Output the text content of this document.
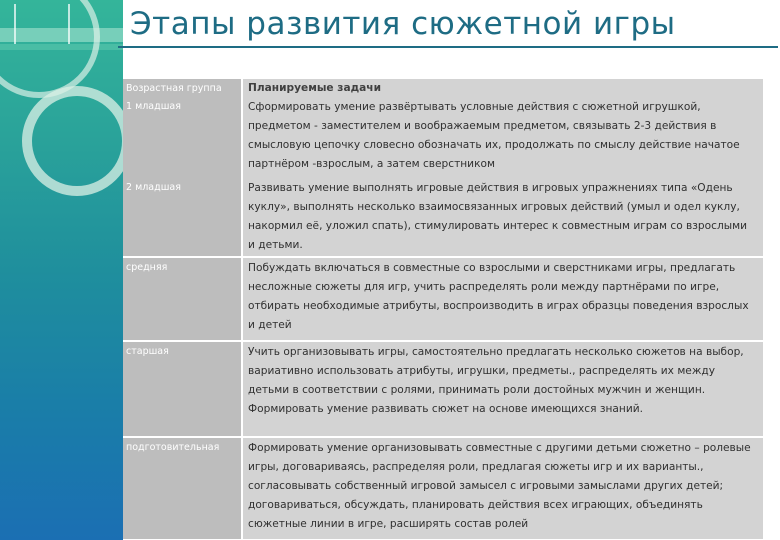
Этапы развития сюжетной игры
Возрастная группа	Планируемые задачи
1 младшая	Сформировать умение развёртывать условные действия с сюжетной игрушкой, предметом - заместителем и воображаемым предметом, связывать 2-3 действия в смысловую цепочку словесно обозначать их, продолжать по смыслу действие начатое партнёром -взрослым, а затем сверстником
2 младшая	Развивать умение выполнять игровые действия в игровых упражнениях типа «Одень куклу», выполнять несколько взаимосвязанных игровых действий (умыл и одел куклу, накормил её, уложил спать), стимулировать интерес к совместным играм со взрослыми и детьми.
средняя	Побуждать включаться в совместные со взрослыми и сверстниками игры, предлагать несложные сюжеты для игр, учить распределять роли между партнёрами по игре, отбирать необходимые атрибуты, воспроизводить в играх образцы поведения взрослых и детей
старшая	Учить организовывать игры, самостоятельно предлагать несколько сюжетов на выбор, вариативно использовать атрибуты, игрушки, предметы., распределять их между детьми в соответствии с ролями, принимать роли достойных мужчин и женщин. Формировать умение развивать сюжет на основе имеющихся знаний.
подготовительная	Формировать умение организовывать совместные с другими детьми сюжетно – ролевые игры, договариваясь, распределяя роли, предлагая сюжеты игр и их варианты., согласовывать собственный игровой замысел с игровыми замыслами других детей; договариваться, обсуждать, планировать действия всех играющих, объединять сюжетные линии в игре, расширять состав ролей
